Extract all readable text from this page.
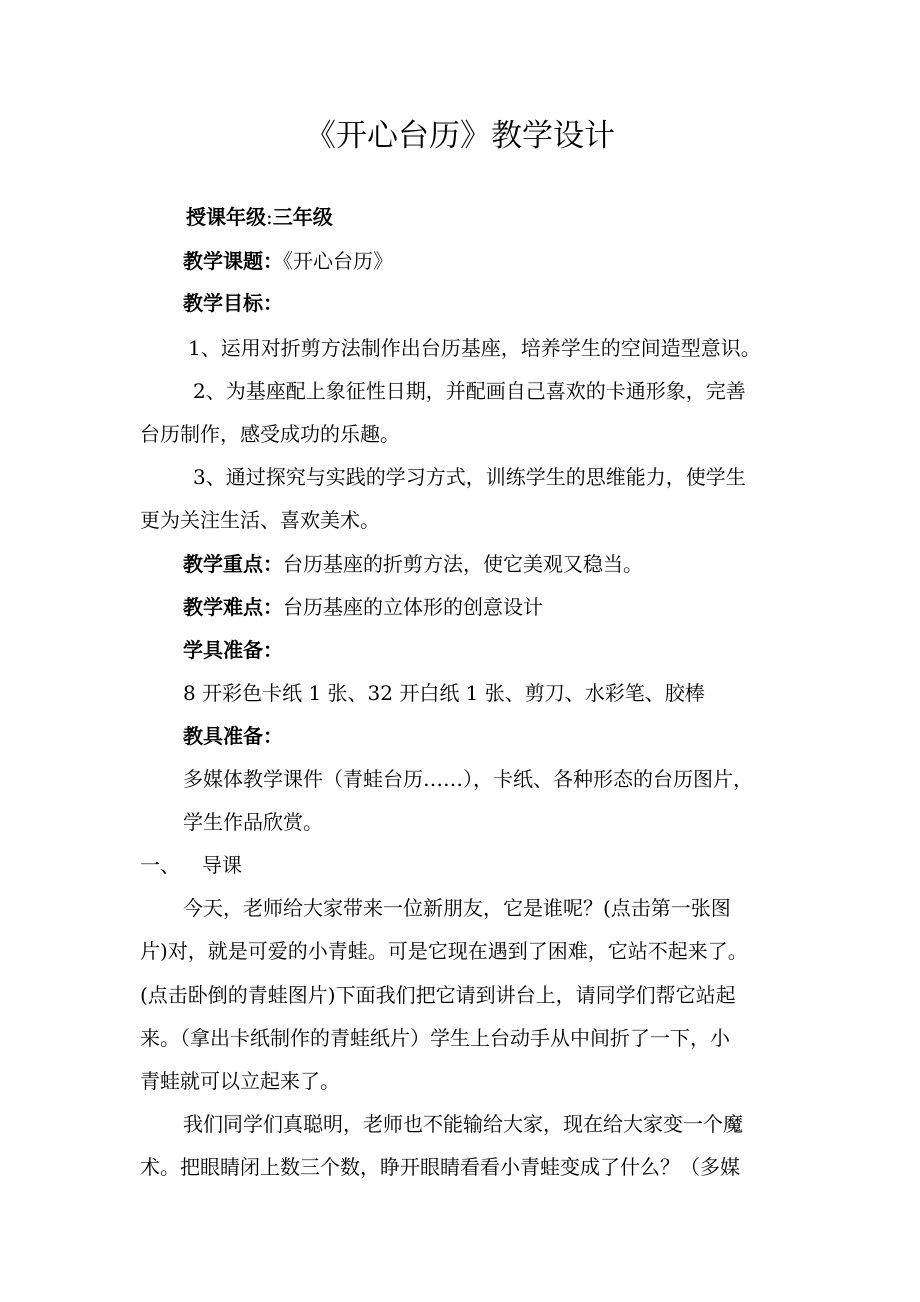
《开心台历》教学设计

授课年级:三年级

教学课题：《开心台历》

教学目标：

1、运用对折剪方法制作出台历基座，培养学生的空间造型意识。

2、为基座配上象征性日期，并配画自己喜欢的卡通形象，完善

台历制作，感受成功的乐趣。

3、通过探究与实践的学习方式，训练学生的思维能力，使学生

更为关注生活、喜欢美术。

教学重点：台历基座的折剪方法，使它美观又稳当。

教学难点：台历基座的立体形的创意设计

学具准备：

8 开彩色卡纸 1 张、32 开白纸 1 张、剪刀、水彩笔、胶棒

教具准备：

多媒体教学课件（青蛙台历……），卡纸、各种形态的台历图片，

学生作品欣赏。

一、 导课

今天，老师给大家带来一位新朋友，它是谁呢？(点击第一张图

片)对，就是可爱的小青蛙。可是它现在遇到了困难，它站不起来了。

(点击卧倒的青蛙图片)下面我们把它请到讲台上，请同学们帮它站起

来。（拿出卡纸制作的青蛙纸片）学生上台动手从中间折了一下，小

青蛙就可以立起来了。

我们同学们真聪明，老师也不能输给大家，现在给大家变一个魔

术。把眼睛闭上数三个数，睁开眼睛看看小青蛙变成了什么？（多媒
